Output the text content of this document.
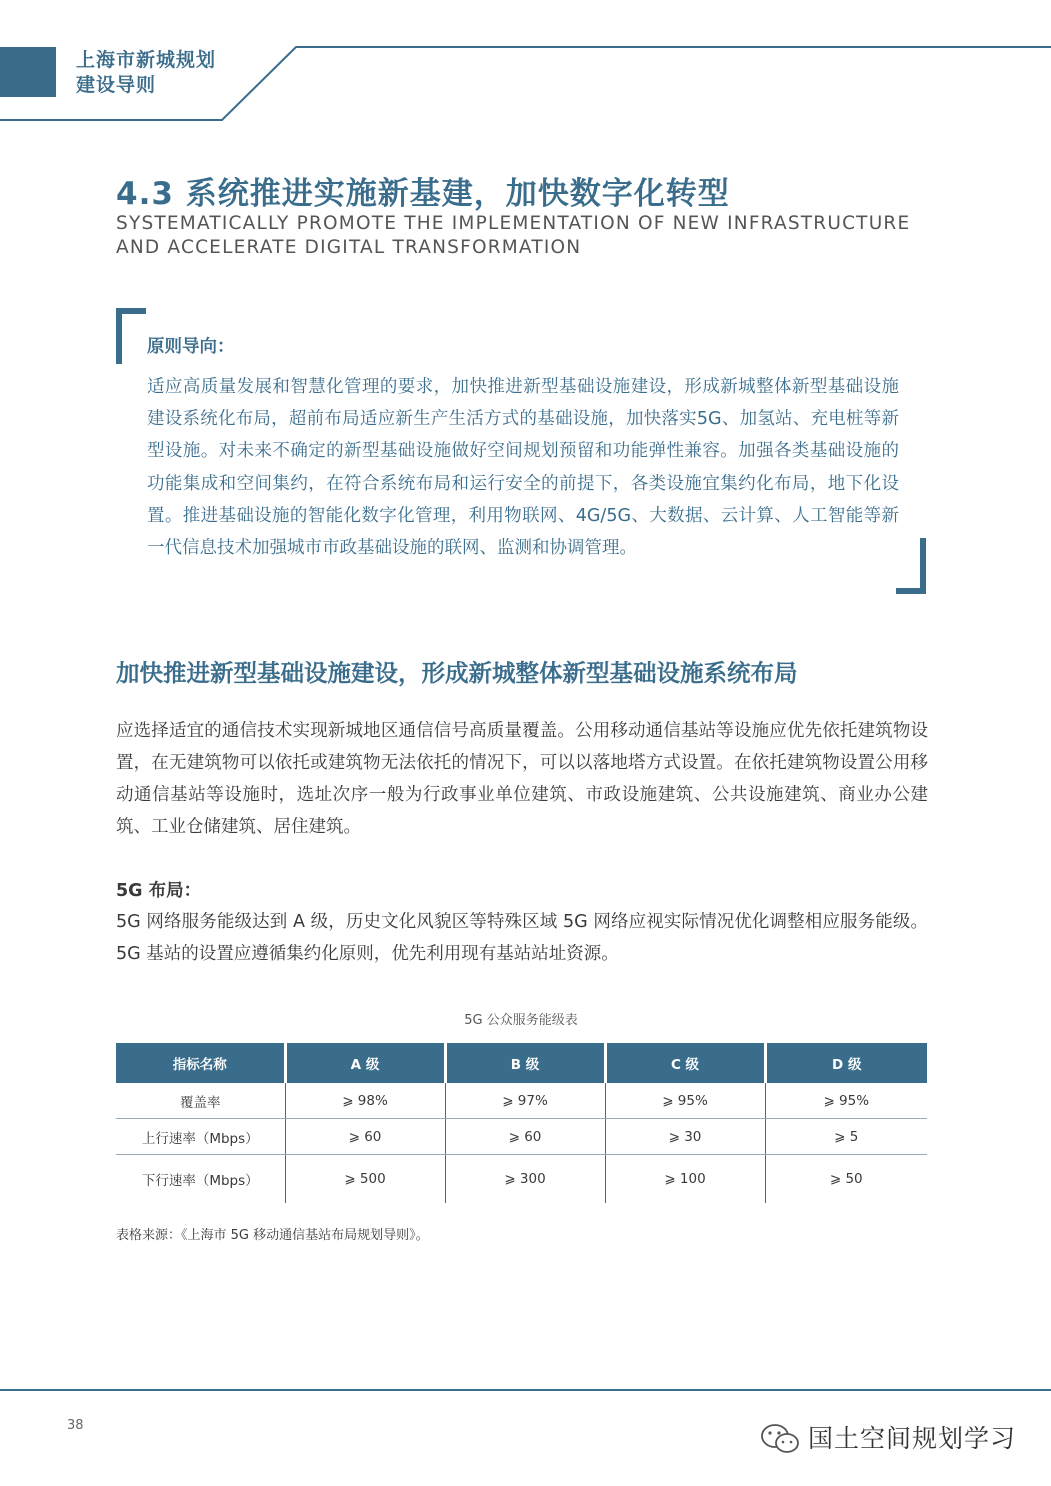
上海市新城规划
建设导则
4.3 系统推进实施新基建，加快数字化转型
SYSTEMATICALLY PROMOTE THE IMPLEMENTATION OF NEW INFRASTRUCTURE AND ACCELERATE DIGITAL TRANSFORMATION
原则导向：
适应高质量发展和智慧化管理的要求，加快推进新型基础设施建设，形成新城整体新型基础设施建设系统化布局，超前布局适应新生产生活方式的基础设施，加快落实5G、加氢站、充电桩等新型设施。对未来不确定的新型基础设施做好空间规划预留和功能弹性兼容。加强各类基础设施的功能集成和空间集约，在符合系统布局和运行安全的前提下，各类设施宜集约化布局，地下化设置。推进基础设施的智能化数字化管理，利用物联网、4G/5G、大数据、云计算、人工智能等新一代信息技术加强城市市政基础设施的联网、监测和协调管理。
加快推进新型基础设施建设，形成新城整体新型基础设施系统布局
应选择适宜的通信技术实现新城地区通信信号高质量覆盖。公用移动通信基站等设施应优先依托建筑物设置，在无建筑物可以依托或建筑物无法依托的情况下，可以以落地塔方式设置。在依托建筑物设置公用移动通信基站等设施时，选址次序一般为行政事业单位建筑、市政设施建筑、公共设施建筑、商业办公建筑、工业仓储建筑、居住建筑。
5G 布局：
5G 网络服务能级达到 A 级，历史文化风貌区等特殊区域 5G 网络应视实际情况优化调整相应服务能级。5G 基站的设置应遵循集约化原则，优先利用现有基站站址资源。
5G 公众服务能级表
指标名称	A 级	B 级	C 级	D 级
覆盖率	⩾ 98%	⩾ 97%	⩾ 95%	⩾ 95%
上行速率（Mbps）	⩾ 60	⩾ 60	⩾ 30	⩾ 5
下行速率（Mbps）	⩾ 500	⩾ 300	⩾ 100	⩾ 50
表格来源：《上海市 5G 移动通信基站布局规划导则》。
38	国土空间规划学习
